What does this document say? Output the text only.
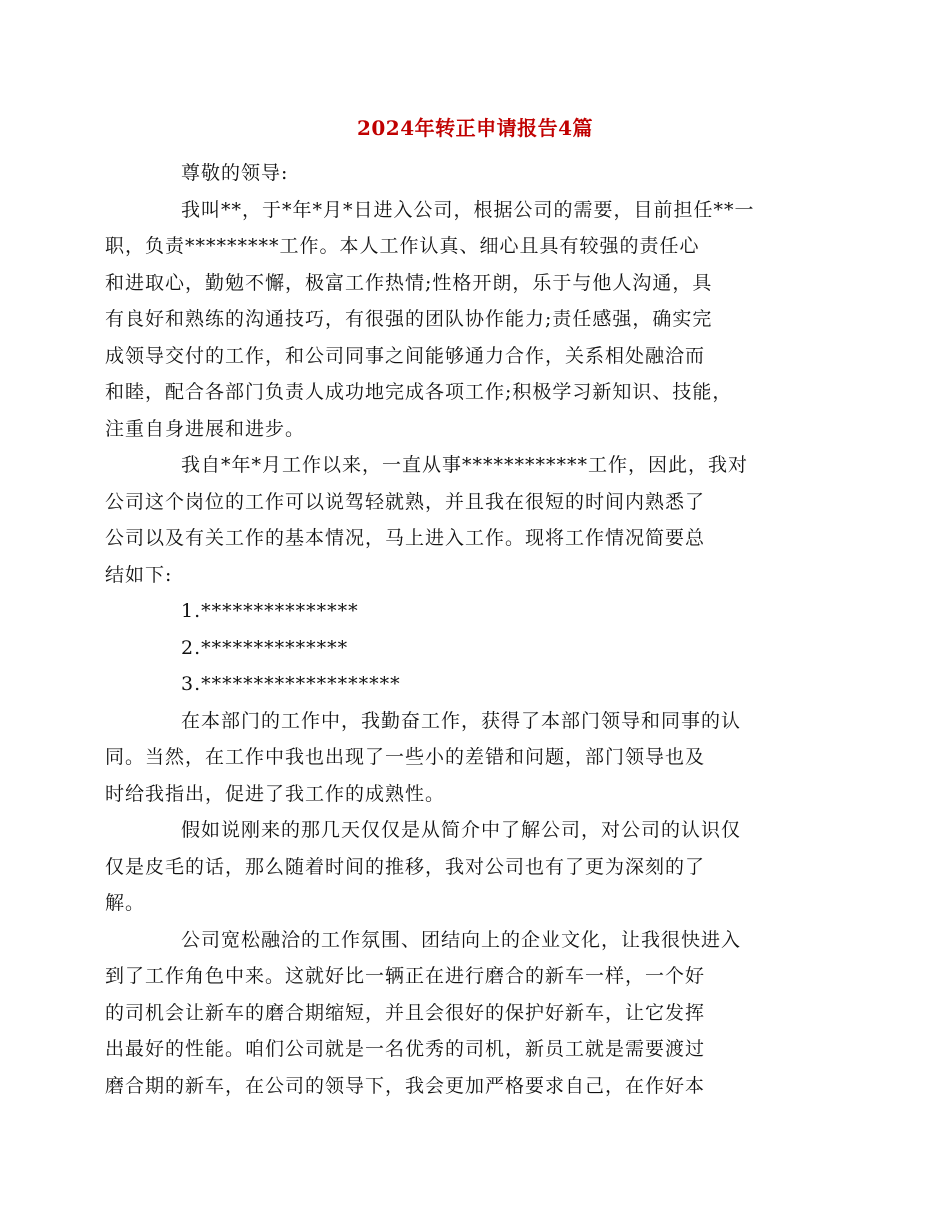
2024年转正申请报告4篇

尊敬的领导:

我叫**，于*年*月*日进入公司，根据公司的需要，目前担任**一
职，负责*********工作。本人工作认真、细心且具有较强的责任心
和进取心，勤勉不懈，极富工作热情;性格开朗，乐于与他人沟通，具
有良好和熟练的沟通技巧，有很强的团队协作能力;责任感强，确实完
成领导交付的工作，和公司同事之间能够通力合作，关系相处融洽而
和睦，配合各部门负责人成功地完成各项工作;积极学习新知识、技能，
注重自身进展和进步。

我自*年*月工作以来，一直从事************工作，因此，我对
公司这个岗位的工作可以说驾轻就熟，并且我在很短的时间内熟悉了
公司以及有关工作的基本情况，马上进入工作。现将工作情况简要总
结如下:

1.***************
2.**************
3.*******************

在本部门的工作中，我勤奋工作，获得了本部门领导和同事的认
同。当然，在工作中我也出现了一些小的差错和问题，部门领导也及
时给我指出，促进了我工作的成熟性。

假如说刚来的那几天仅仅是从简介中了解公司，对公司的认识仅
仅是皮毛的话，那么随着时间的推移，我对公司也有了更为深刻的了
解。

公司宽松融洽的工作氛围、团结向上的企业文化，让我很快进入
到了工作角色中来。这就好比一辆正在进行磨合的新车一样，一个好
的司机会让新车的磨合期缩短，并且会很好的保护好新车，让它发挥
出最好的性能。咱们公司就是一名优秀的司机，新员工就是需要渡过
磨合期的新车，在公司的领导下，我会更加严格要求自己，在作好本
